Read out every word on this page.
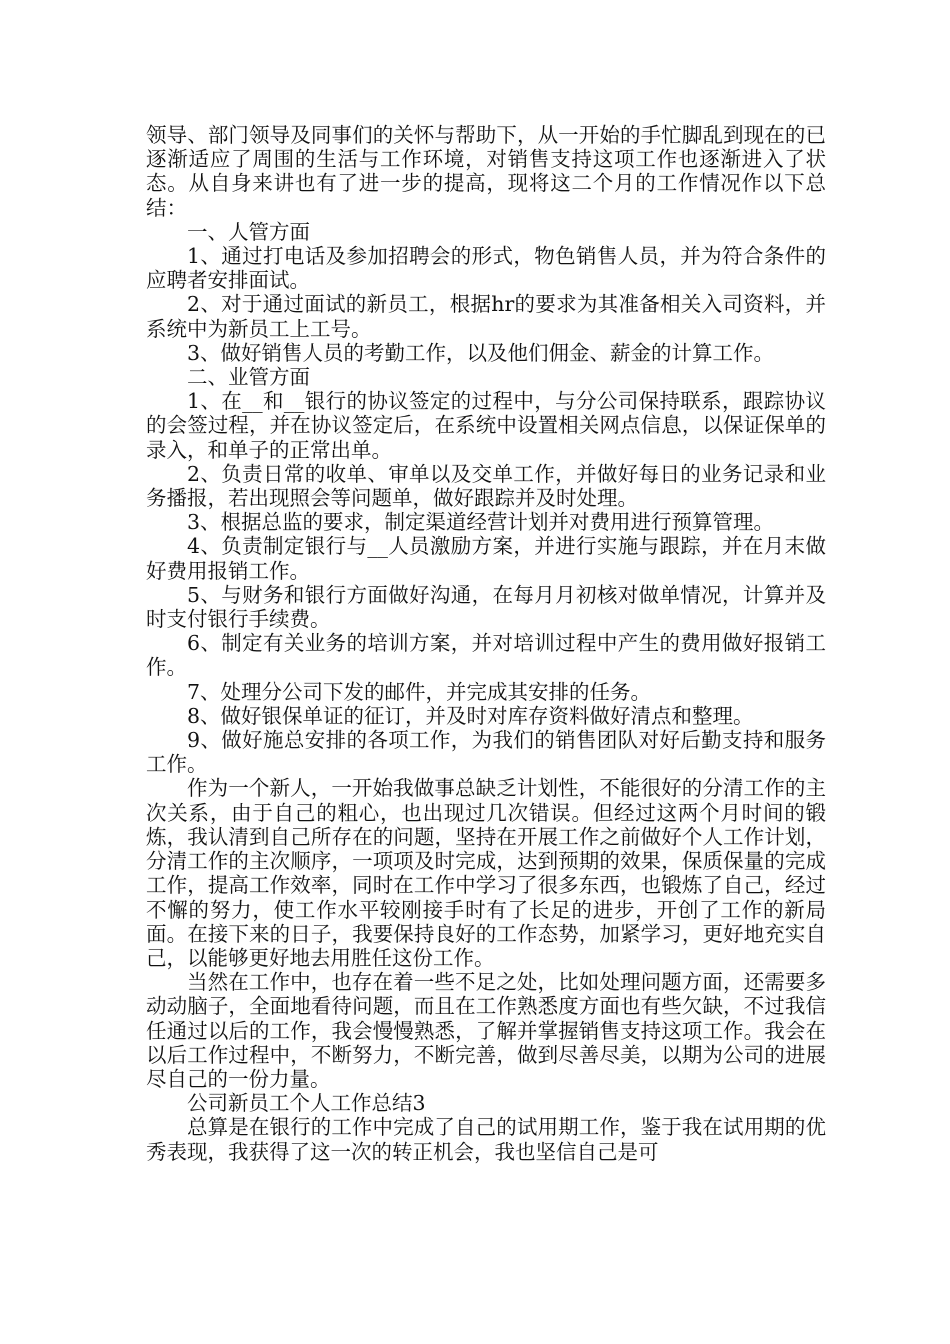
领导、部门领导及同事们的关怀与帮助下，从一开始的手忙脚乱到现在的已逐渐适应了周围的生活与工作环境，对销售支持这项工作也逐渐进入了状态。从自身来讲也有了进一步的提高，现将这二个月的工作情况作以下总结：

一、人管方面

1、通过打电话及参加招聘会的形式，物色销售人员，并为符合条件的应聘者安排面试。

2、对于通过面试的新员工，根据hr的要求为其准备相关入司资料，并系统中为新员工上工号。

3、做好销售人员的考勤工作，以及他们佣金、薪金的计算工作。

二、业管方面

1、在__和__银行的协议签定的过程中，与分公司保持联系，跟踪协议的会签过程，并在协议签定后，在系统中设置相关网点信息，以保证保单的录入，和单子的正常出单。

2、负责日常的收单、审单以及交单工作，并做好每日的业务记录和业务播报，若出现照会等问题单，做好跟踪并及时处理。

3、根据总监的要求，制定渠道经营计划并对费用进行预算管理。

4、负责制定银行与__人员激励方案，并进行实施与跟踪，并在月末做好费用报销工作。

5、与财务和银行方面做好沟通，在每月月初核对做单情况，计算并及时支付银行手续费。

6、制定有关业务的培训方案，并对培训过程中产生的费用做好报销工作。

7、处理分公司下发的邮件，并完成其安排的任务。

8、做好银保单证的征订，并及时对库存资料做好清点和整理。

9、做好施总安排的各项工作，为我们的销售团队对好后勤支持和服务工作。

作为一个新人，一开始我做事总缺乏计划性，不能很好的分清工作的主次关系，由于自己的粗心，也出现过几次错误。但经过这两个月时间的锻炼，我认清到自己所存在的问题，坚持在开展工作之前做好个人工作计划，分清工作的主次顺序，一项项及时完成，达到预期的效果，保质保量的完成工作，提高工作效率，同时在工作中学习了很多东西，也锻炼了自己，经过不懈的努力，使工作水平较刚接手时有了长足的进步，开创了工作的新局面。在接下来的日子，我要保持良好的工作态势，加紧学习，更好地充实自己，以能够更好地去用胜任这份工作。

当然在工作中，也存在着一些不足之处，比如处理问题方面，还需要多动动脑子，全面地看待问题，而且在工作熟悉度方面也有些欠缺，不过我信任通过以后的工作，我会慢慢熟悉，了解并掌握销售支持这项工作。我会在以后工作过程中，不断努力，不断完善，做到尽善尽美，以期为公司的进展尽自己的一份力量。

公司新员工个人工作总结3

总算是在银行的工作中完成了自己的试用期工作，鉴于我在试用期的优秀表现，我获得了这一次的转正机会，我也坚信自己是可
